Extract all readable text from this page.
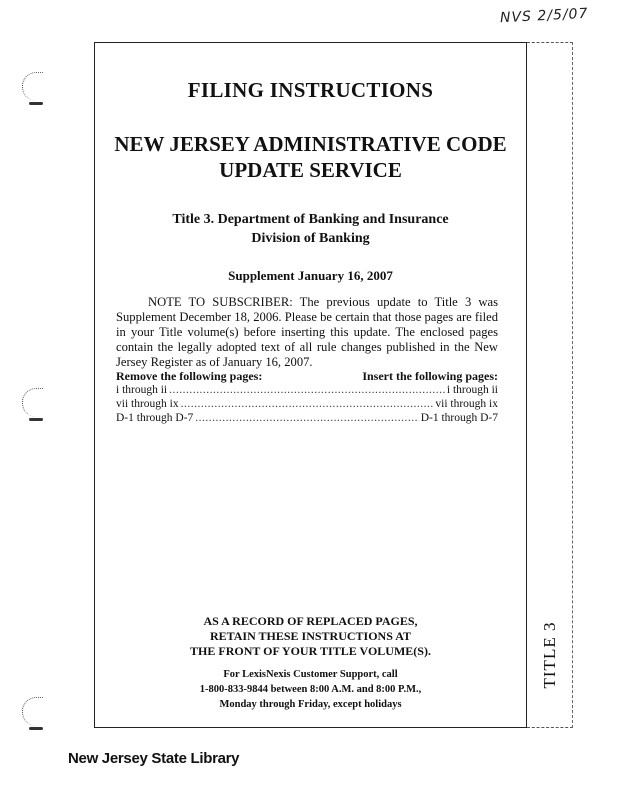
NVS 2/5/07
TITLE 3
FILING INSTRUCTIONS
NEW JERSEY ADMINISTRATIVE CODE
UPDATE SERVICE
Title 3. Department of Banking and Insurance
Division of Banking
Supplement January 16, 2007
NOTE TO SUBSCRIBER: The previous update to Title 3 was Supplement December 18, 2006. Please be certain that those pages are filed in your Title volume(s) before inserting this update. The enclosed pages contain the legally adopted text of all rule changes published in the New Jersey Register as of January 16, 2007.
Remove the following pages:	Insert the following pages:
i through ii .....	i through ii
vii through ix .....	vii through ix
D-1 through D-7 .....	D-1 through D-7
AS A RECORD OF REPLACED PAGES,
RETAIN THESE INSTRUCTIONS AT
THE FRONT OF YOUR TITLE VOLUME(S).
For LexisNexis Customer Support, call
1-800-833-9844 between 8:00 A.M. and 8:00 P.M.,
Monday through Friday, except holidays
New Jersey State Library
